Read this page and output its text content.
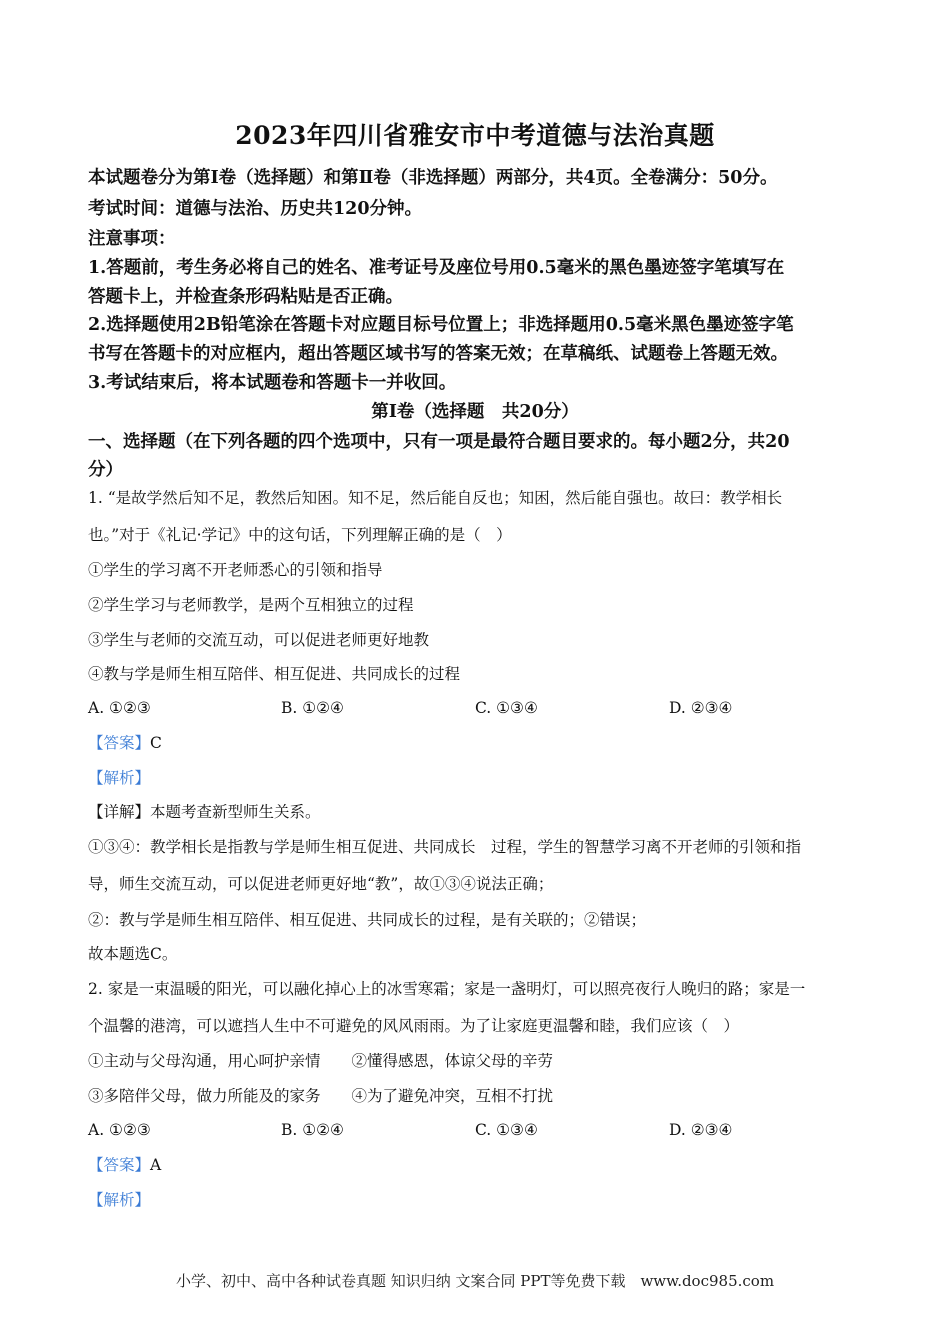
2023年四川省雅安市中考道德与法治真题
本试题卷分为第Ⅰ卷（选择题）和第Ⅱ卷（非选择题）两部分，共4页。全卷满分：50分。
考试时间：道德与法治、历史共120分钟。
注意事项：
1.答题前，考生务必将自己的姓名、准考证号及座位号用0.5毫米的黑色墨迹签字笔填写在
答题卡上，并检查条形码粘贴是否正确。
2.选择题使用2B铅笔涂在答题卡对应题目标号位置上；非选择题用0.5毫米黑色墨迹签字笔
书写在答题卡的对应框内，超出答题区域书写的答案无效；在草稿纸、试题卷上答题无效。
3.考试结束后，将本试题卷和答题卡一并收回。
第Ⅰ卷（选择题　共20分）
一、选择题（在下列各题的四个选项中，只有一项是最符合题目要求的。每小题2分，共20
分）
1. “是故学然后知不足，教然后知困。知不足，然后能自反也；知困，然后能自强也。故曰：教学相长
也。”对于《礼记·学记》中的这句话，下列理解正确的是（　）
①学生的学习离不开老师悉心的引领和指导
②学生学习与老师教学，是两个互相独立的过程
③学生与老师的交流互动，可以促进老师更好地教
④教与学是师生相互陪伴、相互促进、共同成长的过程
A. ①②③	B. ①②④	C. ①③④	D. ②③④
【答案】C
【解析】
【详解】本题考查新型师生关系。
①③④：教学相长是指教与学是师生相互促进、共同成长　过程，学生的智慧学习离不开老师的引领和指
导，师生交流互动，可以促进老师更好地“教”，故①③④说法正确；
②：教与学是师生相互陪伴、相互促进、共同成长的过程，是有关联的；②错误；
故本题选C。
2. 家是一束温暖的阳光，可以融化掉心上的冰雪寒霜；家是一盏明灯，可以照亮夜行人晚归的路；家是一
个温馨的港湾，可以遮挡人生中不可避免的风风雨雨。为了让家庭更温馨和睦，我们应该（　）
①主动与父母沟通，用心呵护亲情　　②懂得感恩，体谅父母的辛劳
③多陪伴父母，做力所能及的家务　　④为了避免冲突，互相不打扰
A. ①②③	B. ①②④	C. ①③④	D. ②③④
【答案】A
【解析】
小学、初中、高中各种试卷真题 知识归纳 文案合同 PPT等免费下载　www.doc985.com
